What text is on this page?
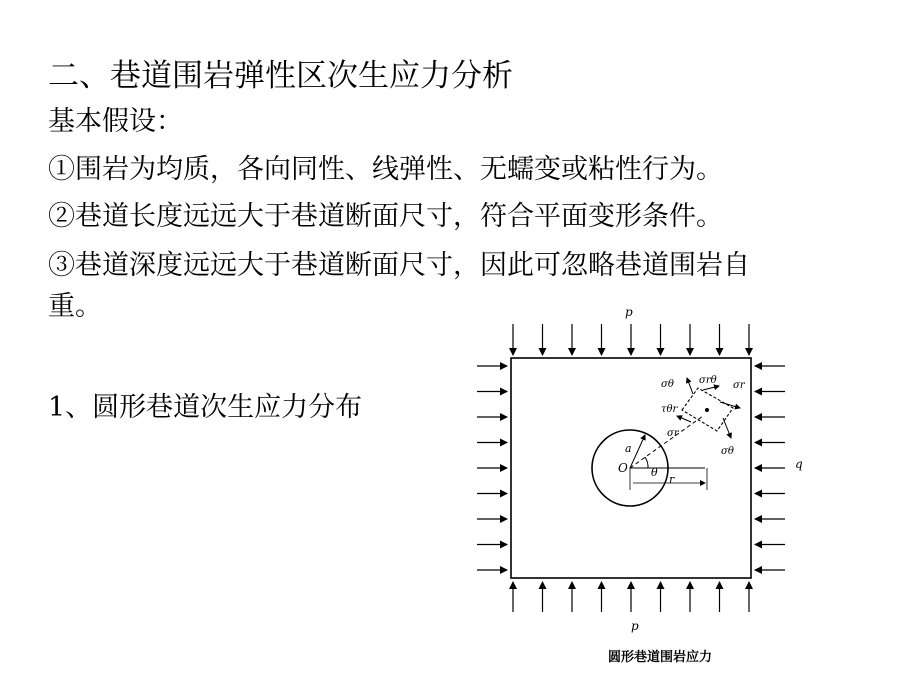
二、巷道围岩弹性区次生应力分析
基本假设：
①围岩为均质，各向同性、线弹性、无蠕变或粘性行为。
②巷道长度远远大于巷道断面尺寸，符合平面变形条件。
③巷道深度远远大于巷道断面尺寸，因此可忽略巷道围岩自
重。
1、圆形巷道次生应力分布
p
p
q
O
a
θ
r
σθ	σrθ σr
τθr
σr
σθ
圆形巷道围岩应力
